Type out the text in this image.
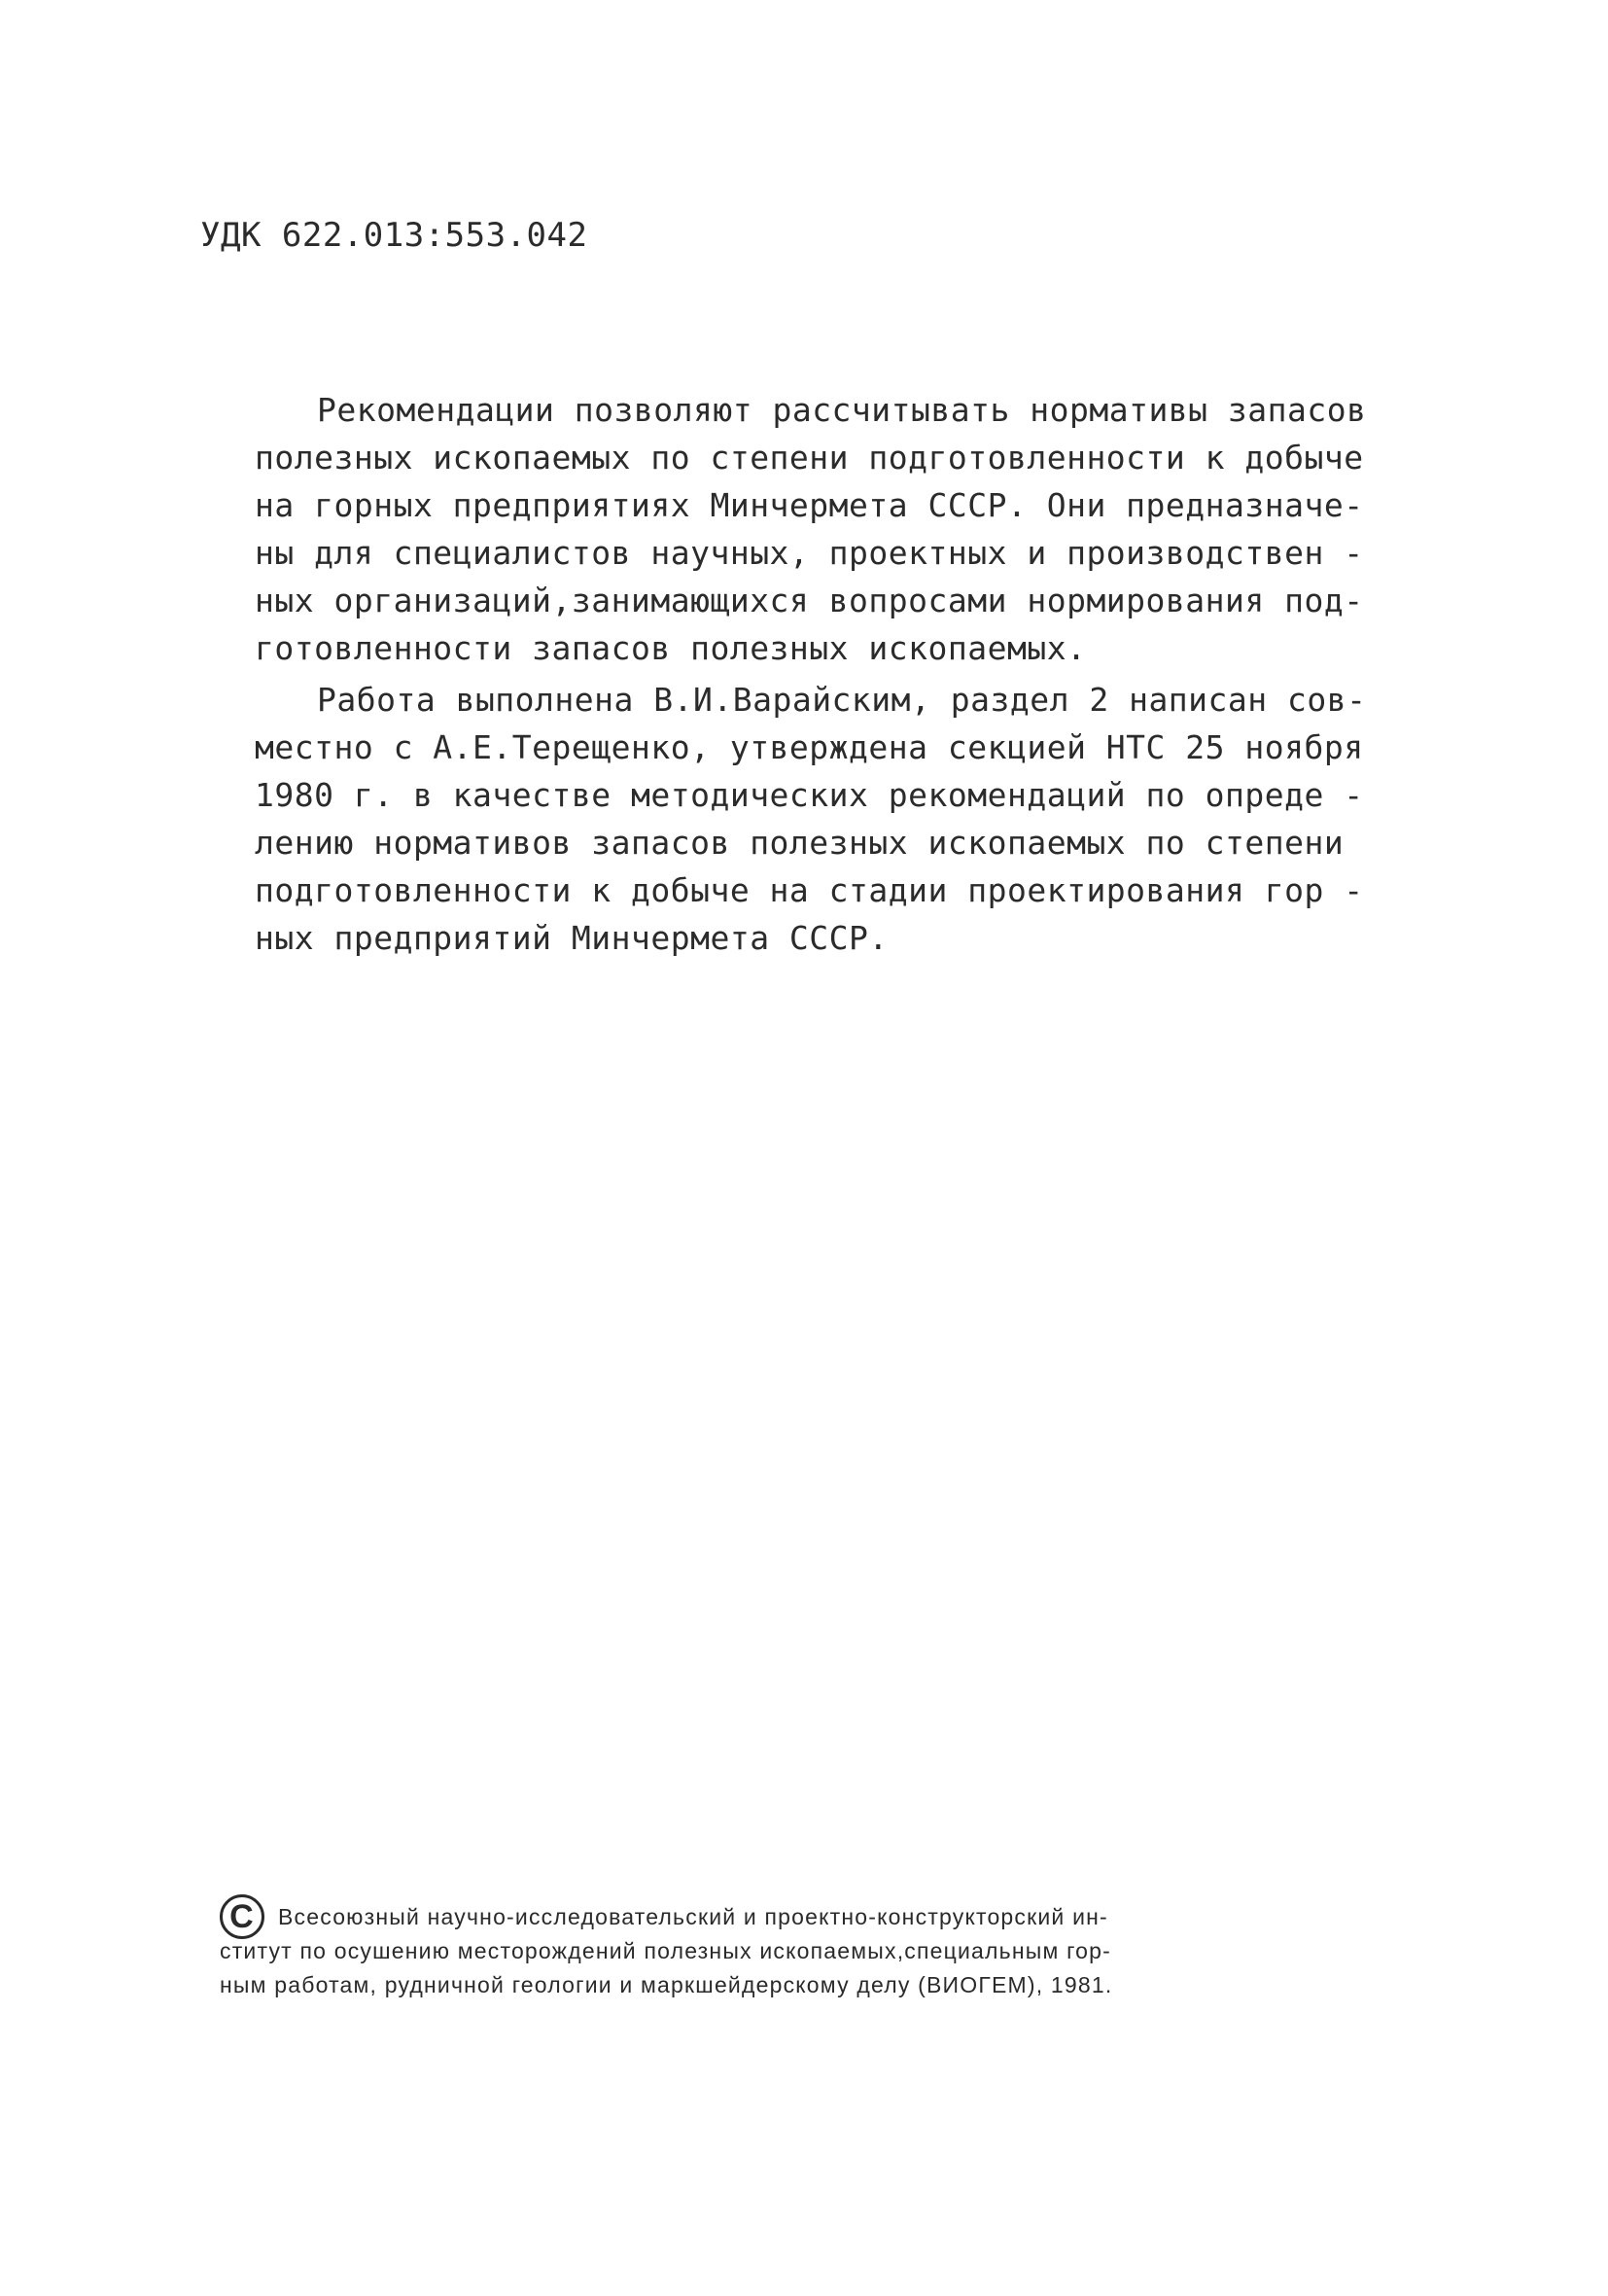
УДК 622.013:553.042
Рекомендации позволяют рассчитывать нормативы запасов
полезных ископаемых по степени подготовленности к добыче
на горных предприятиях Минчермета СССР. Они предназначе-
ны для специалистов научных, проектных и производствен -
ных организаций,занимающихся вопросами нормирования под-
готовленности запасов полезных ископаемых.
Работа выполнена В.И.Варайским, раздел 2 написан сов-
местно с А.Е.Терещенко, утверждена секцией НТС 25 ноября
1980 г. в качестве методических рекомендаций по опреде -
лению нормативов запасов полезных ископаемых по степени
подготовленности к добыче на стадии проектирования гор -
ных предприятий Минчермета СССР.
C	Всесоюзный научно-исследовательский и проектно-конструкторский ин-
ститут по осушению месторождений полезных ископаемых,специальным гор-
ным работам, рудничной геологии и маркшейдерскому делу (ВИОГЕМ), 1981.
